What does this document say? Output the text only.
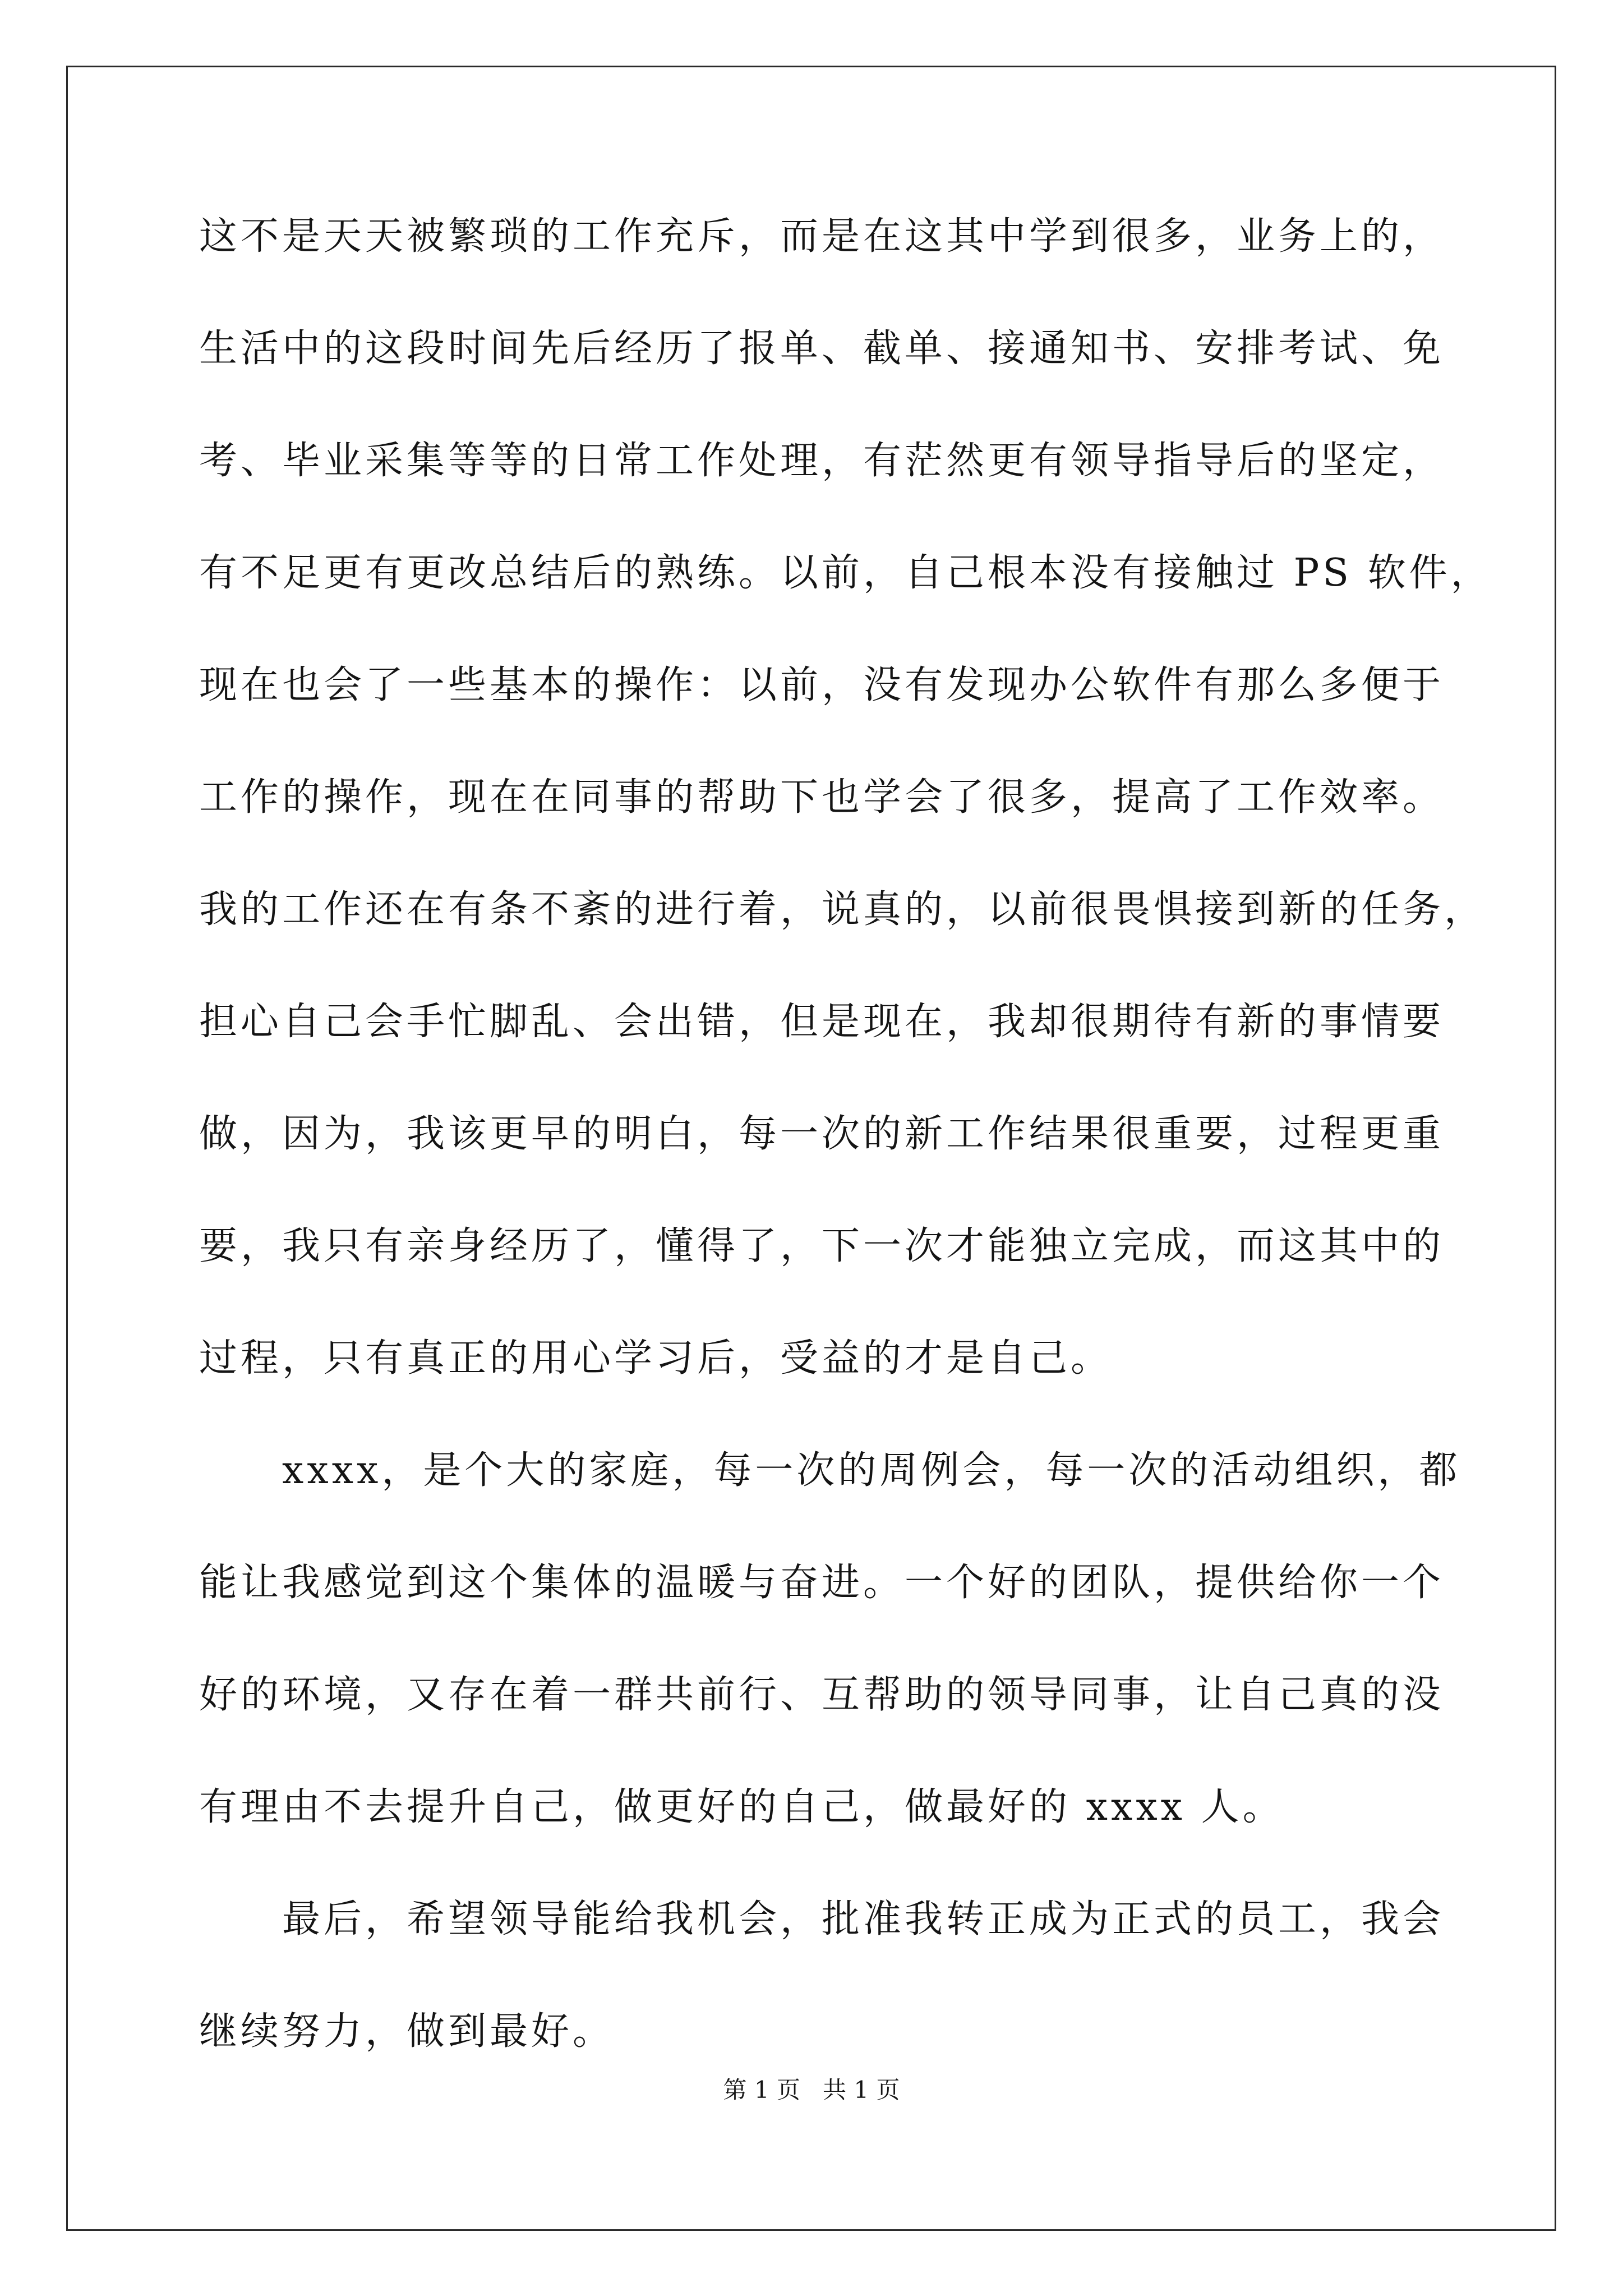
这不是天天被繁琐的工作充斥，而是在这其中学到很多，业务上的，
生活中的这段时间先后经历了报单、截单、接通知书、安排考试、免
考、毕业采集等等的日常工作处理，有茫然更有领导指导后的坚定，
有不足更有更改总结后的熟练。以前，自己根本没有接触过 PS 软件，
现在也会了一些基本的操作：以前，没有发现办公软件有那么多便于
工作的操作，现在在同事的帮助下也学会了很多，提高了工作效率。
我的工作还在有条不紊的进行着，说真的，以前很畏惧接到新的任务，
担心自己会手忙脚乱、会出错，但是现在，我却很期待有新的事情要
做，因为，我该更早的明白，每一次的新工作结果很重要，过程更重
要，我只有亲身经历了，懂得了，下一次才能独立完成，而这其中的
过程，只有真正的用心学习后，受益的才是自己。
xxxx，是个大的家庭，每一次的周例会，每一次的活动组织，都
能让我感觉到这个集体的温暖与奋进。一个好的团队，提供给你一个
好的环境，又存在着一群共前行、互帮助的领导同事，让自己真的没
有理由不去提升自己，做更好的自己，做最好的 xxxx 人。
最后，希望领导能给我机会，批准我转正成为正式的员工，我会
继续努力，做到最好。
第 1 页   共 1 页
